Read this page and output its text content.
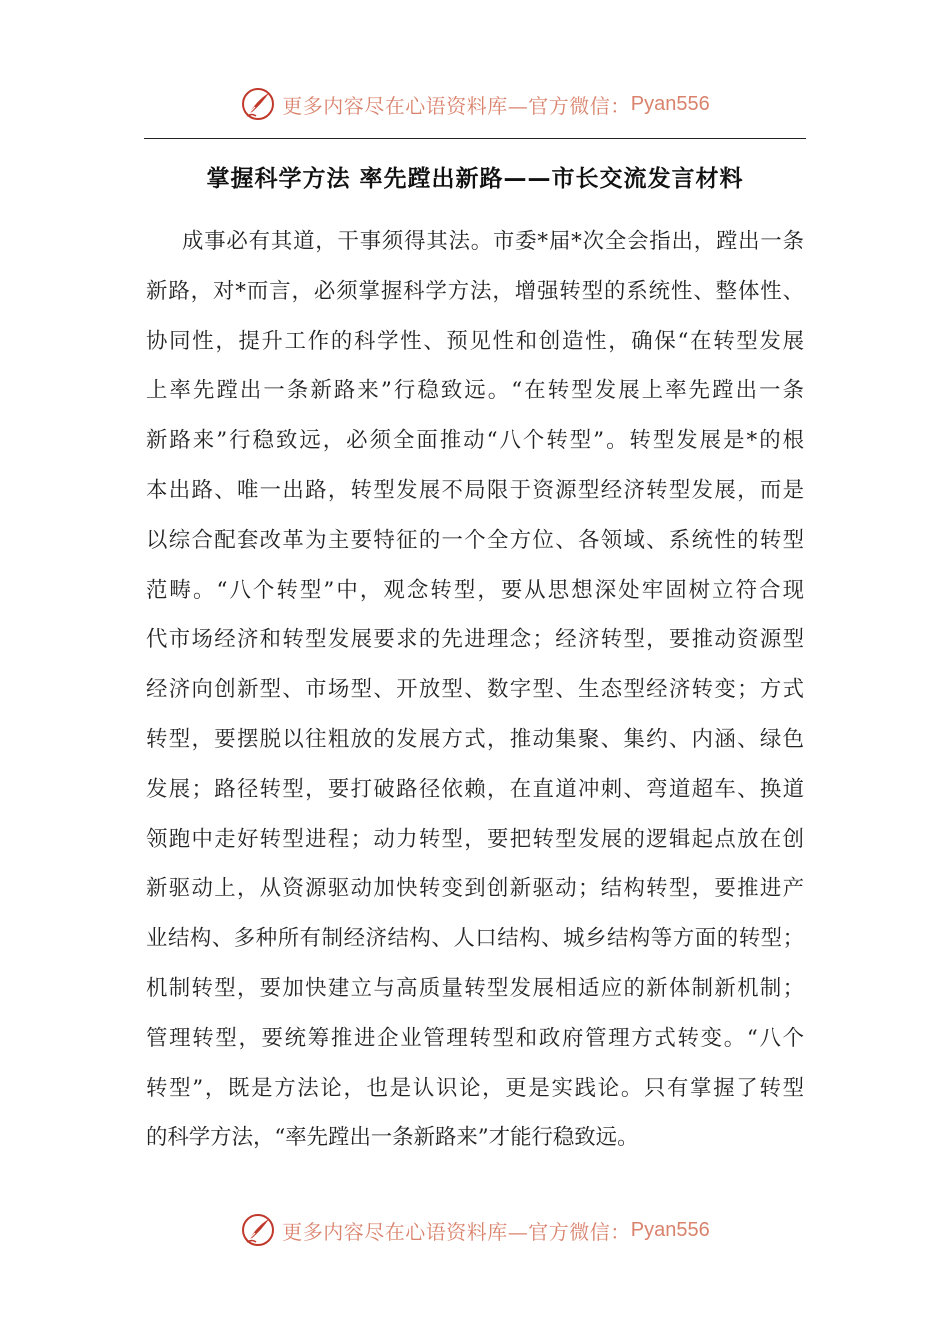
更多内容尽在心语资料库—官方微信： Pyan556
掌握科学方法 率先蹚出新路——市长交流发言材料
成事必有其道，干事须得其法。市委*届*次全会指出，蹚出一条
新路，对*而言，必须掌握科学方法，增强转型的系统性、整体性、
协同性，提升工作的科学性、预见性和创造性，确保“在转型发展
上率先蹚出一条新路来”行稳致远。“在转型发展上率先蹚出一条
新路来”行稳致远，必须全面推动“八个转型”。转型发展是*的根
本出路、唯一出路，转型发展不局限于资源型经济转型发展，而是
以综合配套改革为主要特征的一个全方位、各领域、系统性的转型
范畴。“八个转型”中，观念转型，要从思想深处牢固树立符合现
代市场经济和转型发展要求的先进理念；经济转型，要推动资源型
经济向创新型、市场型、开放型、数字型、生态型经济转变；方式
转型，要摆脱以往粗放的发展方式，推动集聚、集约、内涵、绿色
发展；路径转型，要打破路径依赖，在直道冲刺、弯道超车、换道
领跑中走好转型进程；动力转型，要把转型发展的逻辑起点放在创
新驱动上，从资源驱动加快转变到创新驱动；结构转型，要推进产
业结构、多种所有制经济结构、人口结构、城乡结构等方面的转型；
机制转型，要加快建立与高质量转型发展相适应的新体制新机制；
管理转型，要统筹推进企业管理转型和政府管理方式转变。“八个
转型”，既是方法论，也是认识论，更是实践论。只有掌握了转型
的科学方法，“率先蹚出一条新路来”才能行稳致远。
更多内容尽在心语资料库—官方微信： Pyan556
